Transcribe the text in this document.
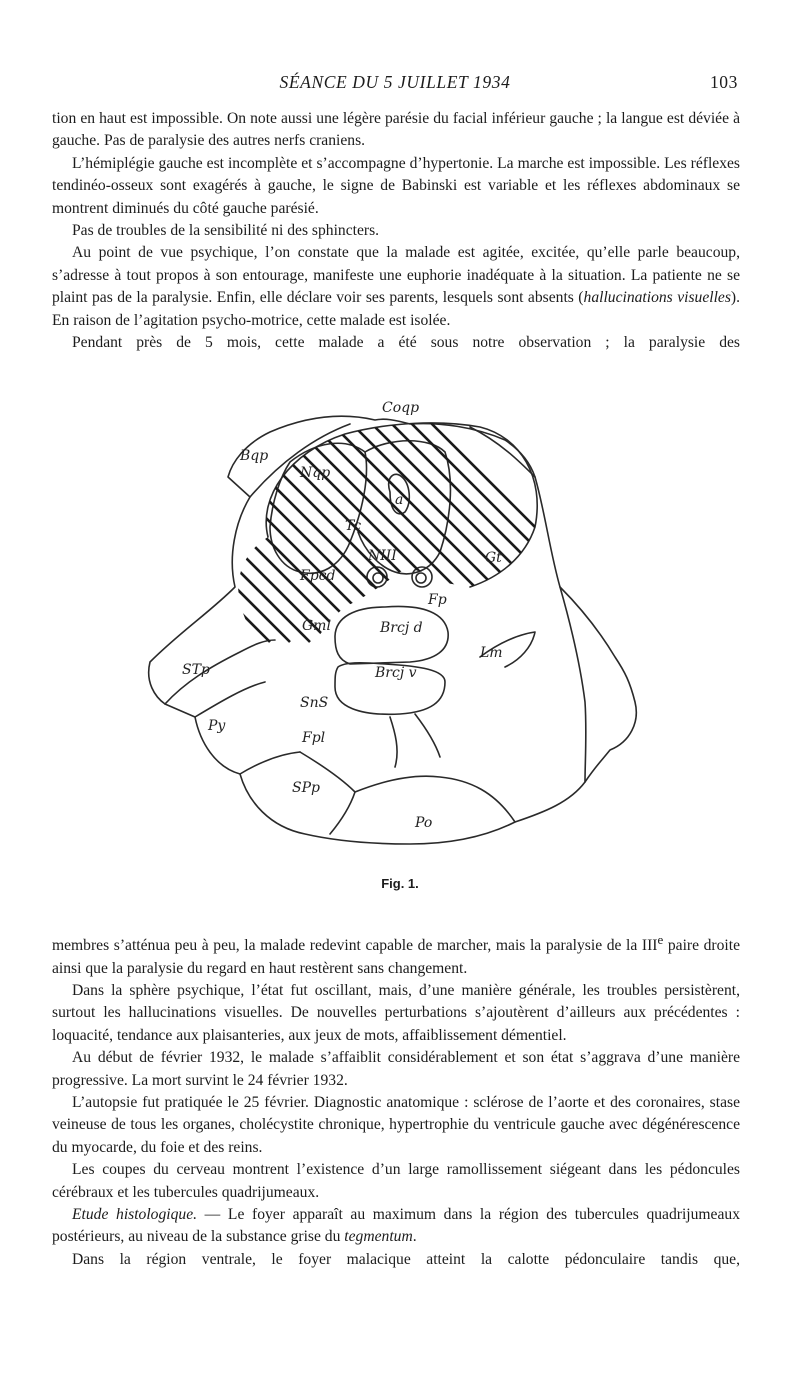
SÉANCE DU 5 JUILLET 1934	103

tion en haut est impossible. On note aussi une légère parésie du facial inférieur gauche ; la langue est déviée à gauche. Pas de paralysie des autres nerfs craniens.

L’hémiplégie gauche est incomplète et s’accompagne d’hypertonie. La marche est impossible. Les réflexes tendinéo-osseux sont exagérés à gauche, le signe de Babinski est variable et les réflexes abdominaux se montrent diminués du côté gauche parésié.

Pas de troubles de la sensibilité ni des sphincters.

Au point de vue psychique, l’on constate que la malade est agitée, excitée, qu’elle parle beaucoup, s’adresse à tout propos à son entourage, manifeste une euphorie inadéquate à la situation. La patiente ne se plaint pas de la paralysie. Enfin, elle déclare voir ses parents, lesquels sont absents (hallucinations visuelles). En raison de l’agitation psycho-motrice, cette malade est isolée.

Pendant près de 5 mois, cette malade a été sous notre observation ; la paralysie des

Coqp
Bqp
Nqp
a
Tc
NIII	Gt
Fpcd
Fp
Gml	Brcj d
Brcj v
Lm
STp
SnS
Py
Fpl
SPp
Po
Fig. 1.

membres s’atténua peu à peu, la malade redevint capable de marcher, mais la paralysie de la IIIe paire droite ainsi que la paralysie du regard en haut restèrent sans changement.

Dans la sphère psychique, l’état fut oscillant, mais, d’une manière générale, les troubles persistèrent, surtout les hallucinations visuelles. De nouvelles perturbations s’ajoutèrent d’ailleurs aux précédentes : loquacité, tendance aux plaisanteries, aux jeux de mots, affaiblissement démentiel.

Au début de février 1932, le malade s’affaiblit considérablement et son état s’aggrava d’une manière progressive. La mort survint le 24 février 1932.

L’autopsie fut pratiquée le 25 février. Diagnostic anatomique : sclérose de l’aorte et des coronaires, stase veineuse de tous les organes, cholécystite chronique, hypertrophie du ventricule gauche avec dégénérescence du myocarde, du foie et des reins.

Les coupes du cerveau montrent l’existence d’un large ramollissement siégeant dans les pédoncules cérébraux et les tubercules quadrijumeaux.

Etude histologique. — Le foyer apparaît au maximum dans la région des tubercules quadrijumeaux postérieurs, au niveau de la substance grise du tegmentum.

Dans la région ventrale, le foyer malacique atteint la calotte pédonculaire tandis que,
